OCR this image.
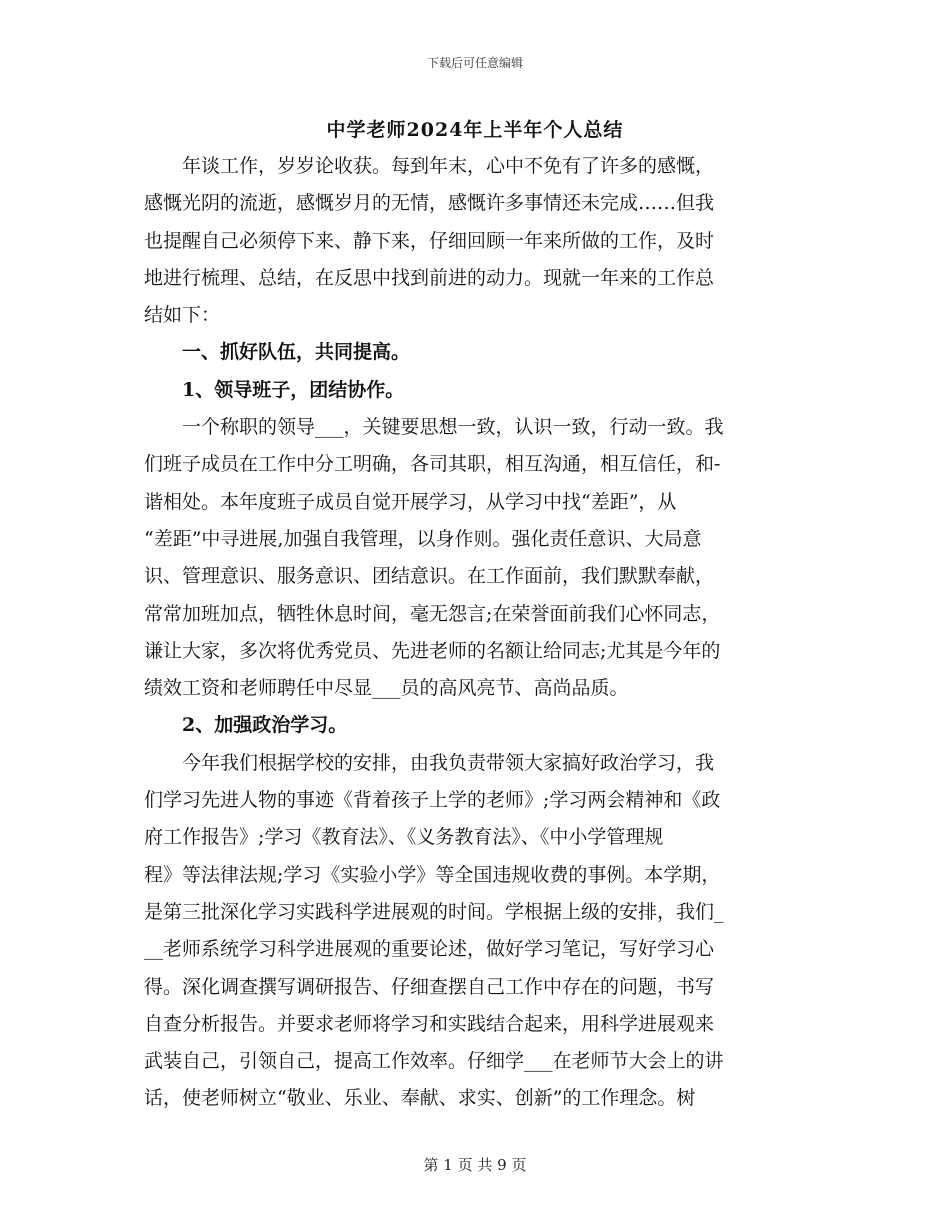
下载后可任意编辑
中学老师2024年上半年个人总结
年谈工作，岁岁论收获。每到年末，心中不免有了许多的感慨，
感慨光阴的流逝，感慨岁月的无情，感慨许多事情还未完成……但我
也提醒自己必须停下来、静下来，仔细回顾一年来所做的工作，及时
地进行梳理、总结，在反思中找到前进的动力。现就一年来的工作总
结如下：
一、抓好队伍，共同提高。
1、领导班子，团结协作。
一个称职的领导___，关键要思想一致，认识一致，行动一致。我
们班子成员在工作中分工明确，各司其职，相互沟通，相互信任，和-
谐相处。本年度班子成员自觉开展学习，从学习中找“差距”，从
“差距”中寻进展,加强自我管理，以身作则。强化责任意识、大局意
识、管理意识、服务意识、团结意识。在工作面前，我们默默奉献，
常常加班加点，牺牲休息时间，毫无怨言;在荣誉面前我们心怀同志，
谦让大家，多次将优秀党员、先进老师的名额让给同志;尤其是今年的
绩效工资和老师聘任中尽显___员的高风亮节、高尚品质。
2、加强政治学习。
今年我们根据学校的安排，由我负责带领大家搞好政治学习，我
们学习先进人物的事迹《背着孩子上学的老师》;学习两会精神和《政
府工作报告》;学习《教育法》、《义务教育法》、《中小学管理规
程》等法律法规;学习《实验小学》等全国违规收费的事例。本学期，
是第三批深化学习实践科学进展观的时间。学根据上级的安排，我们_
__老师系统学习科学进展观的重要论述，做好学习笔记，写好学习心
得。深化调查撰写调研报告、仔细查摆自己工作中存在的问题，书写
自查分析报告。并要求老师将学习和实践结合起来，用科学进展观来
武装自己，引领自己，提高工作效率。仔细学___在老师节大会上的讲
话，使老师树立“敬业、乐业、奉献、求实、创新”的工作理念。树
第 1 页 共 9 页
